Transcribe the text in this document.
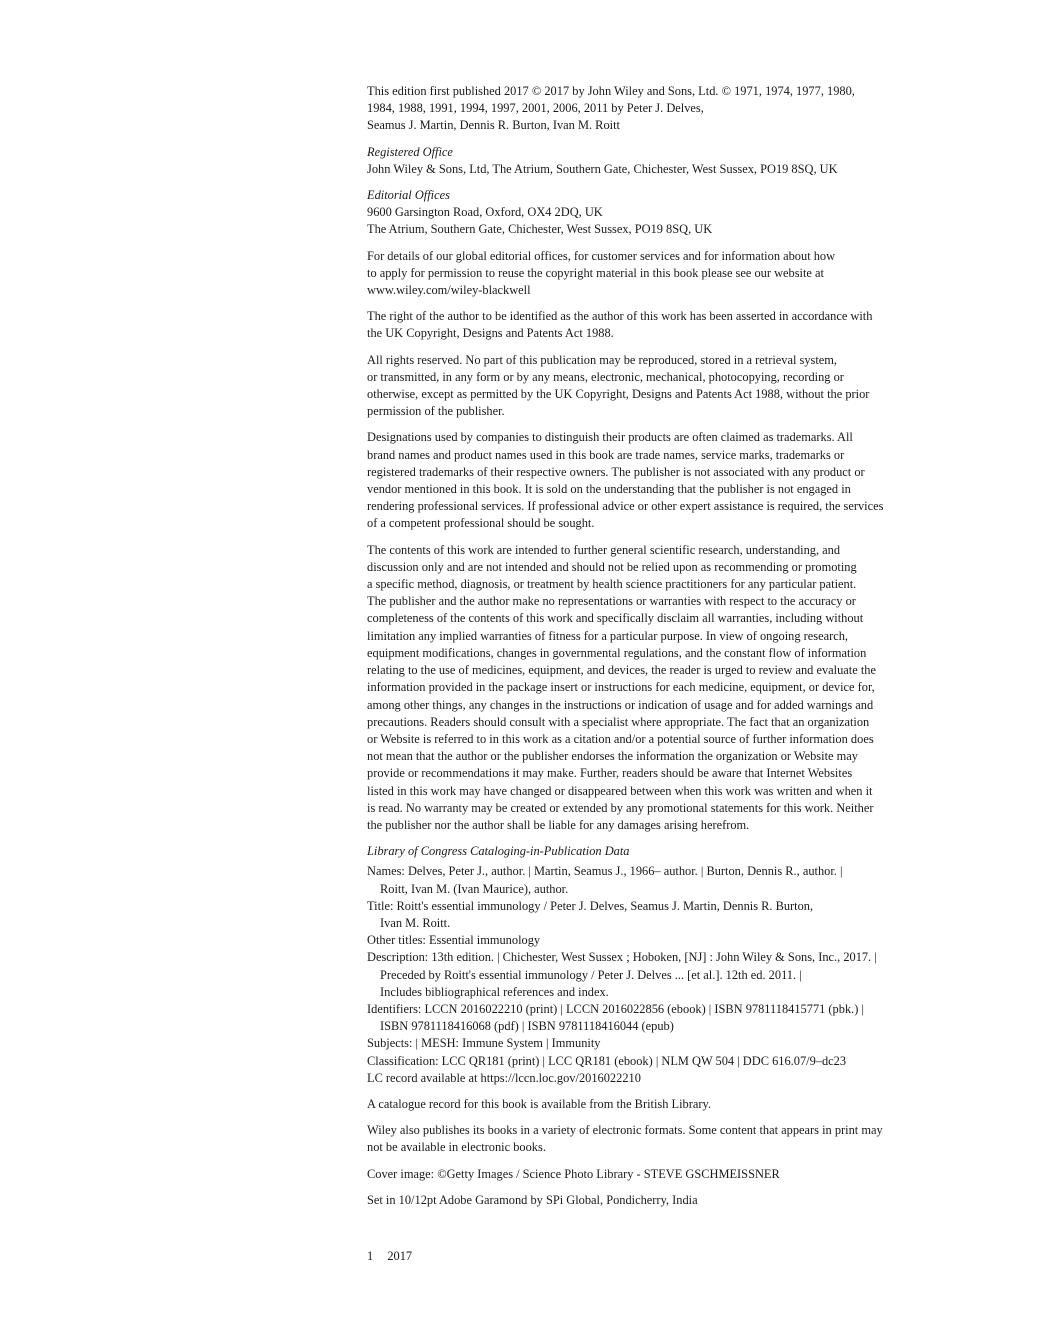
This edition first published 2017 © 2017 by John Wiley and Sons, Ltd. © 1971, 1974, 1977, 1980,
1984, 1988, 1991, 1994, 1997, 2001, 2006, 2011 by Peter J. Delves,
Seamus J. Martin, Dennis R. Burton, Ivan M. Roitt
Registered Office
John Wiley & Sons, Ltd, The Atrium, Southern Gate, Chichester, West Sussex, PO19 8SQ, UK
Editorial Offices
9600 Garsington Road, Oxford, OX4 2DQ, UK
The Atrium, Southern Gate, Chichester, West Sussex, PO19 8SQ, UK
For details of our global editorial offices, for customer services and for information about how
to apply for permission to reuse the copyright material in this book please see our website at
www.wiley.com/wiley-blackwell
The right of the author to be identified as the author of this work has been asserted in accordance with
the UK Copyright, Designs and Patents Act 1988.
All rights reserved. No part of this publication may be reproduced, stored in a retrieval system,
or transmitted, in any form or by any means, electronic, mechanical, photocopying, recording or
otherwise, except as permitted by the UK Copyright, Designs and Patents Act 1988, without the prior
permission of the publisher.
Designations used by companies to distinguish their products are often claimed as trademarks. All
brand names and product names used in this book are trade names, service marks, trademarks or
registered trademarks of their respective owners. The publisher is not associated with any product or
vendor mentioned in this book. It is sold on the understanding that the publisher is not engaged in
rendering professional services. If professional advice or other expert assistance is required, the services
of a competent professional should be sought.
The contents of this work are intended to further general scientific research, understanding, and
discussion only and are not intended and should not be relied upon as recommending or promoting
a specific method, diagnosis, or treatment by health science practitioners for any particular patient.
The publisher and the author make no representations or warranties with respect to the accuracy or
completeness of the contents of this work and specifically disclaim all warranties, including without
limitation any implied warranties of fitness for a particular purpose. In view of ongoing research,
equipment modifications, changes in governmental regulations, and the constant flow of information
relating to the use of medicines, equipment, and devices, the reader is urged to review and evaluate the
information provided in the package insert or instructions for each medicine, equipment, or device for,
among other things, any changes in the instructions or indication of usage and for added warnings and
precautions. Readers should consult with a specialist where appropriate. The fact that an organization
or Website is referred to in this work as a citation and/or a potential source of further information does
not mean that the author or the publisher endorses the information the organization or Website may
provide or recommendations it may make. Further, readers should be aware that Internet Websites
listed in this work may have changed or disappeared between when this work was written and when it
is read. No warranty may be created or extended by any promotional statements for this work. Neither
the publisher nor the author shall be liable for any damages arising herefrom.
Library of Congress Cataloging-in-Publication Data
Names: Delves, Peter J., author. | Martin, Seamus J., 1966– author. | Burton, Dennis R., author. |
Roitt, Ivan M. (Ivan Maurice), author.
Title: Roitt's essential immunology / Peter J. Delves, Seamus J. Martin, Dennis R. Burton,
Ivan M. Roitt.
Other titles: Essential immunology
Description: 13th edition. | Chichester, West Sussex ; Hoboken, [NJ] : John Wiley & Sons, Inc., 2017. |
Preceded by Roitt's essential immunology / Peter J. Delves ... [et al.]. 12th ed. 2011. |
Includes bibliographical references and index.
Identifiers: LCCN 2016022210 (print) | LCCN 2016022856 (ebook) | ISBN 9781118415771 (pbk.) |
ISBN 9781118416068 (pdf) | ISBN 9781118416044 (epub)
Subjects: | MESH: Immune System | Immunity
Classification: LCC QR181 (print) | LCC QR181 (ebook) | NLM QW 504 | DDC 616.07/9–dc23
LC record available at https://lccn.loc.gov/2016022210
A catalogue record for this book is available from the British Library.
Wiley also publishes its books in a variety of electronic formats. Some content that appears in print may
not be available in electronic books.
Cover image: ©Getty Images / Science Photo Library - STEVE GSCHMEISSNER
Set in 10/12pt Adobe Garamond by SPi Global, Pondicherry, India
1 2017
